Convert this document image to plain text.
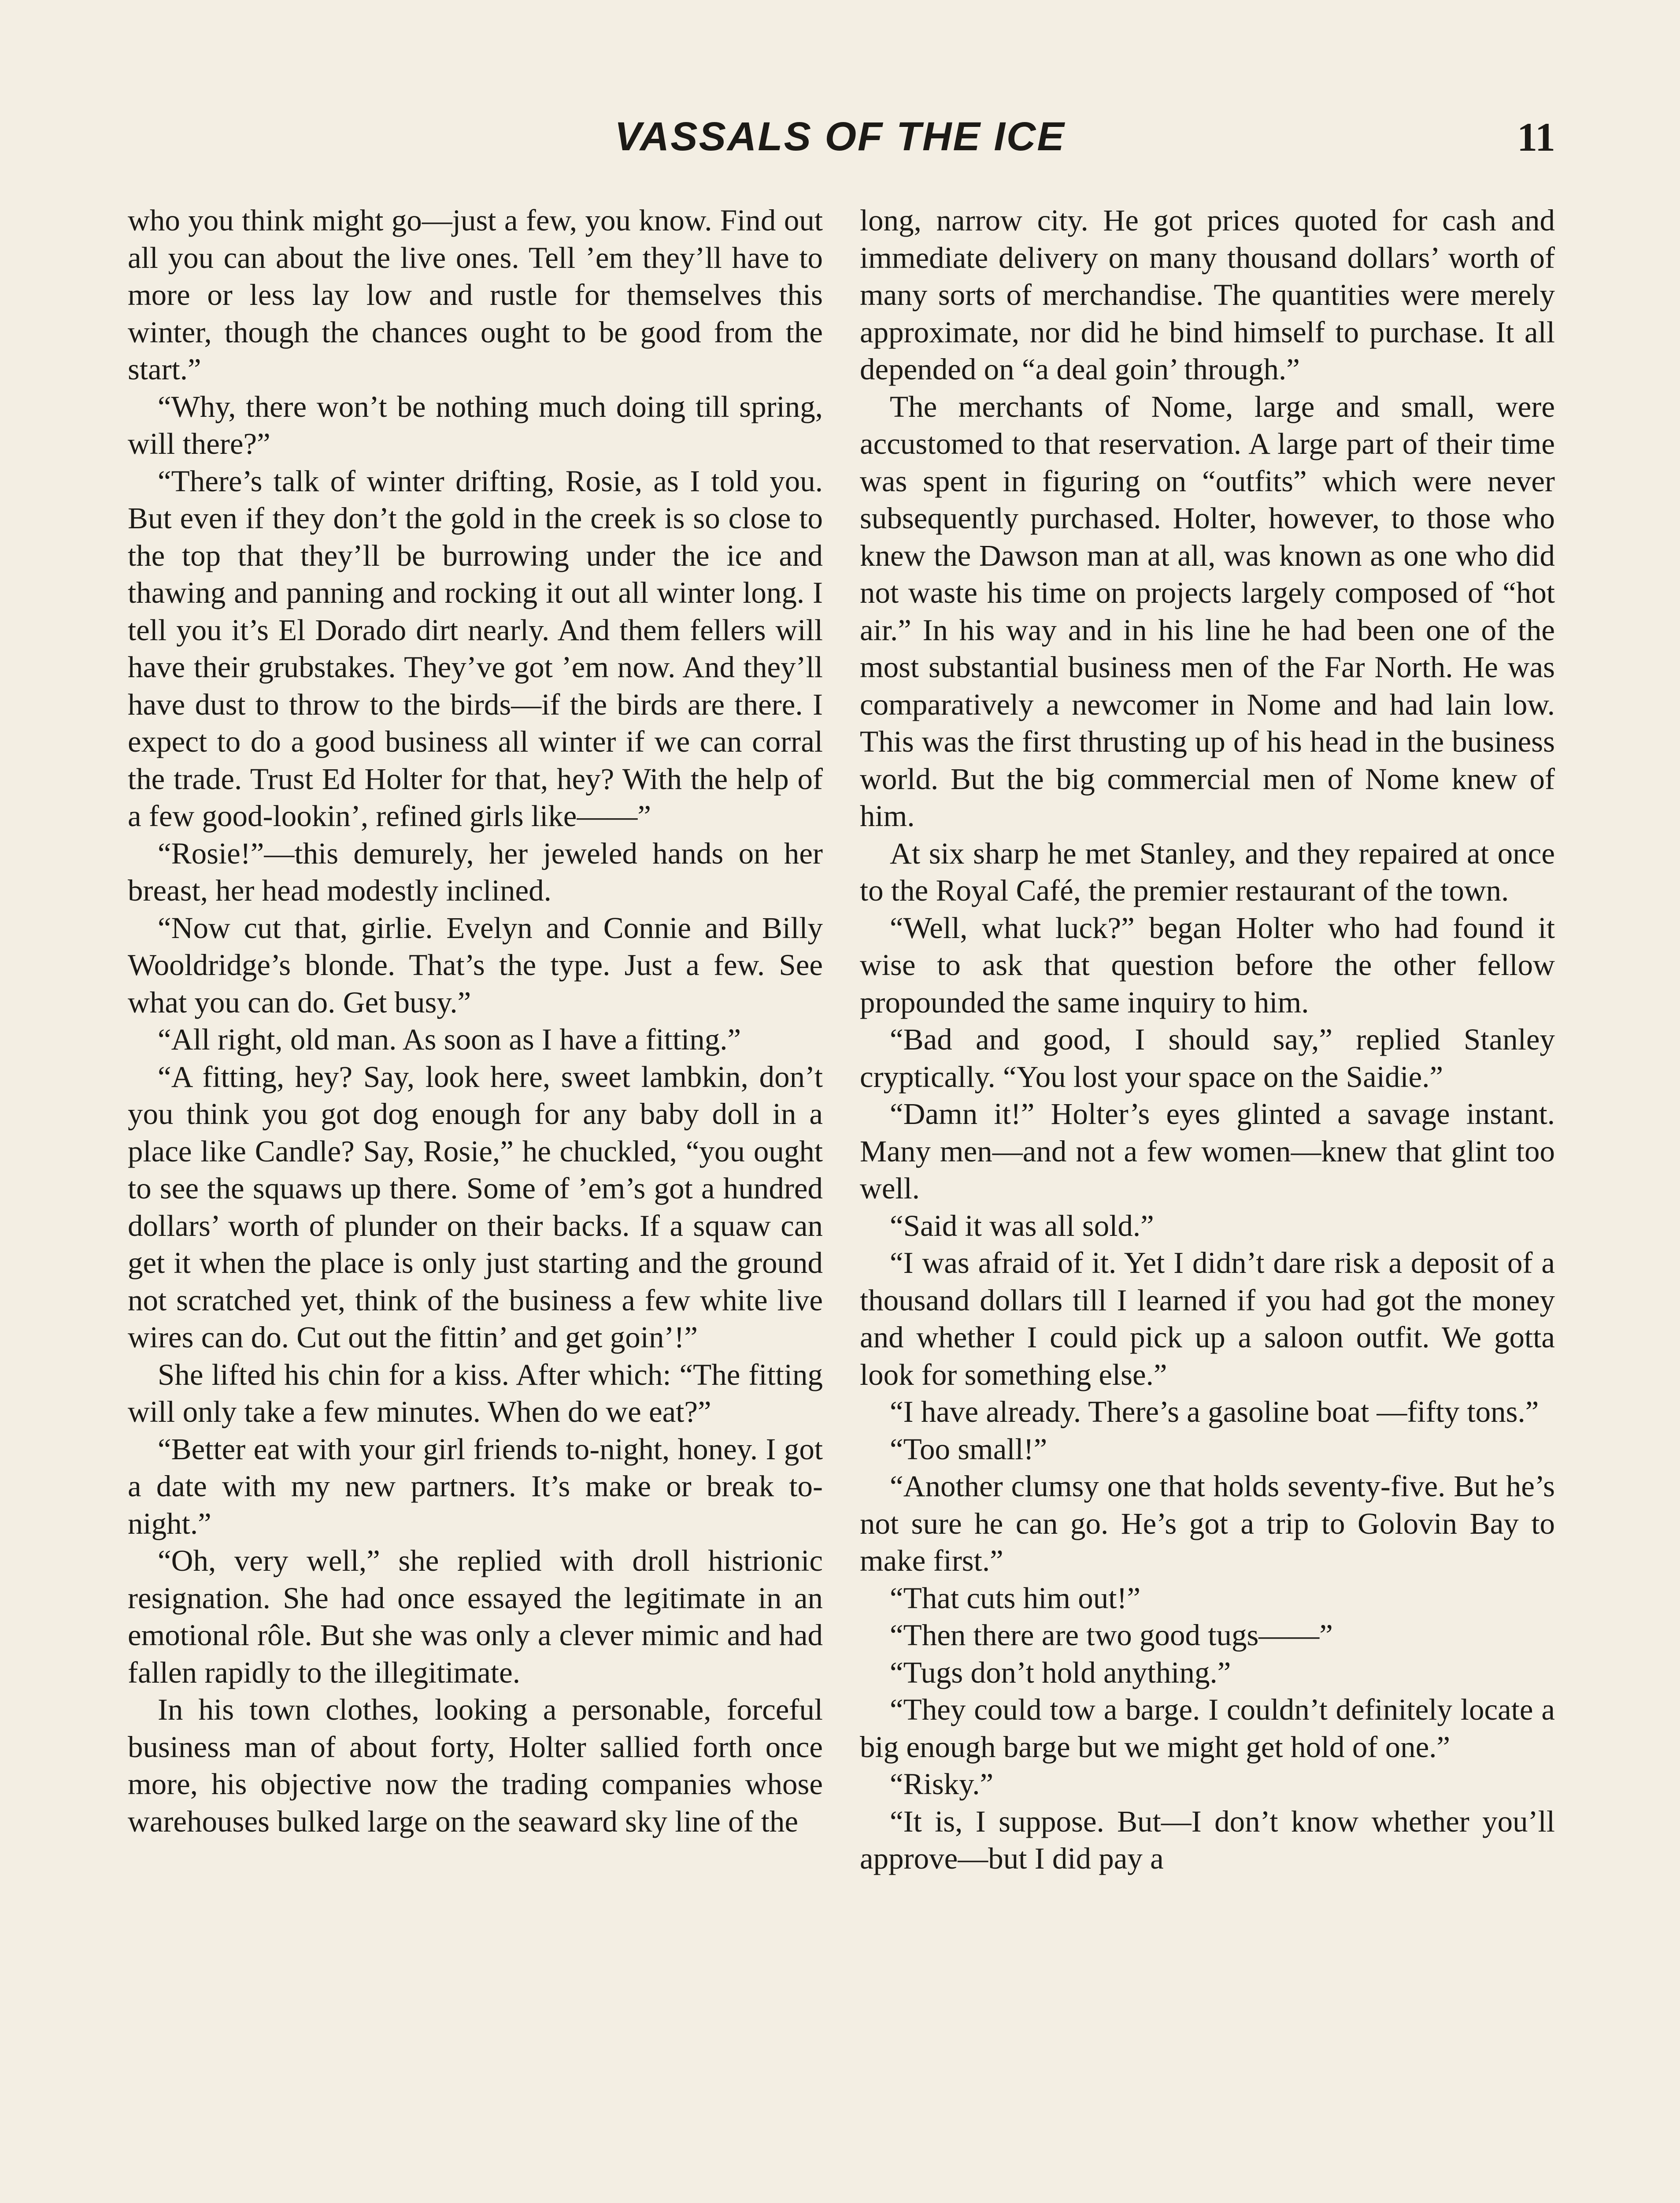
VASSALS OF THE ICE	11

who you think might go—just a few, you know. Find out all you can about the live ones. Tell ’em they’ll have to more or less lay low and rustle for themselves this winter, though the chances ought to be good from the start.”

“Why, there won’t be nothing much doing till spring, will there?”

“There’s talk of winter drifting, Rosie, as I told you. But even if they don’t the gold in the creek is so close to the top that they’ll be burrowing under the ice and thawing and panning and rocking it out all winter long. I tell you it’s El Dorado dirt nearly. And them fellers will have their grubstakes. They’ve got ’em now. And they’ll have dust to throw to the birds—if the birds are there. I expect to do a good business all winter if we can corral the trade. Trust Ed Holter for that, hey? With the help of a few good-lookin’, refined girls like——”

“Rosie!”—this demurely, her jeweled hands on her breast, her head modestly inclined.

“Now cut that, girlie. Evelyn and Connie and Billy Wooldridge’s blonde. That’s the type. Just a few. See what you can do. Get busy.”

“All right, old man. As soon as I have a fitting.”

“A fitting, hey? Say, look here, sweet lambkin, don’t you think you got dog enough for any baby doll in a place like Candle? Say, Rosie,” he chuckled, “you ought to see the squaws up there. Some of ’em’s got a hundred dollars’ worth of plunder on their backs. If a squaw can get it when the place is only just starting and the ground not scratched yet, think of the business a few white live wires can do. Cut out the fittin’ and get goin’!”

She lifted his chin for a kiss. After which: “The fitting will only take a few minutes. When do we eat?”

“Better eat with your girl friends to-night, honey. I got a date with my new partners. It’s make or break to-night.”

“Oh, very well,” she replied with droll histrionic resignation. She had once essayed the legitimate in an emotional rôle. But she was only a clever mimic and had fallen rapidly to the illegitimate.

In his town clothes, looking a personable, forceful business man of about forty, Holter sallied forth once more, his objective now the trading companies whose warehouses bulked large on the seaward sky line of the

long, narrow city. He got prices quoted for cash and immediate delivery on many thousand dollars’ worth of many sorts of merchandise. The quantities were merely approximate, nor did he bind himself to purchase. It all depended on “a deal goin’ through.”

The merchants of Nome, large and small, were accustomed to that reservation. A large part of their time was spent in figuring on “outfits” which were never subsequently purchased. Holter, however, to those who knew the Dawson man at all, was known as one who did not waste his time on projects largely composed of “hot air.” In his way and in his line he had been one of the most substantial business men of the Far North. He was comparatively a newcomer in Nome and had lain low. This was the first thrusting up of his head in the business world. But the big commercial men of Nome knew of him.

At six sharp he met Stanley, and they repaired at once to the Royal Café, the premier restaurant of the town.

“Well, what luck?” began Holter who had found it wise to ask that question before the other fellow propounded the same inquiry to him.

“Bad and good, I should say,” replied Stanley cryptically. “You lost your space on the Saidie.”

“Damn it!” Holter’s eyes glinted a savage instant. Many men—and not a few women—knew that glint too well.

“Said it was all sold.”

“I was afraid of it. Yet I didn’t dare risk a deposit of a thousand dollars till I learned if you had got the money and whether I could pick up a saloon outfit. We gotta look for something else.”

“I have already. There’s a gasoline boat —fifty tons.”

“Too small!”

“Another clumsy one that holds seventy-five. But he’s not sure he can go. He’s got a trip to Golovin Bay to make first.”

“That cuts him out!”

“Then there are two good tugs——”

“Tugs don’t hold anything.”

“They could tow a barge. I couldn’t definitely locate a big enough barge but we might get hold of one.”

“Risky.”

“It is, I suppose. But—I don’t know whether you’ll approve—but I did pay a
